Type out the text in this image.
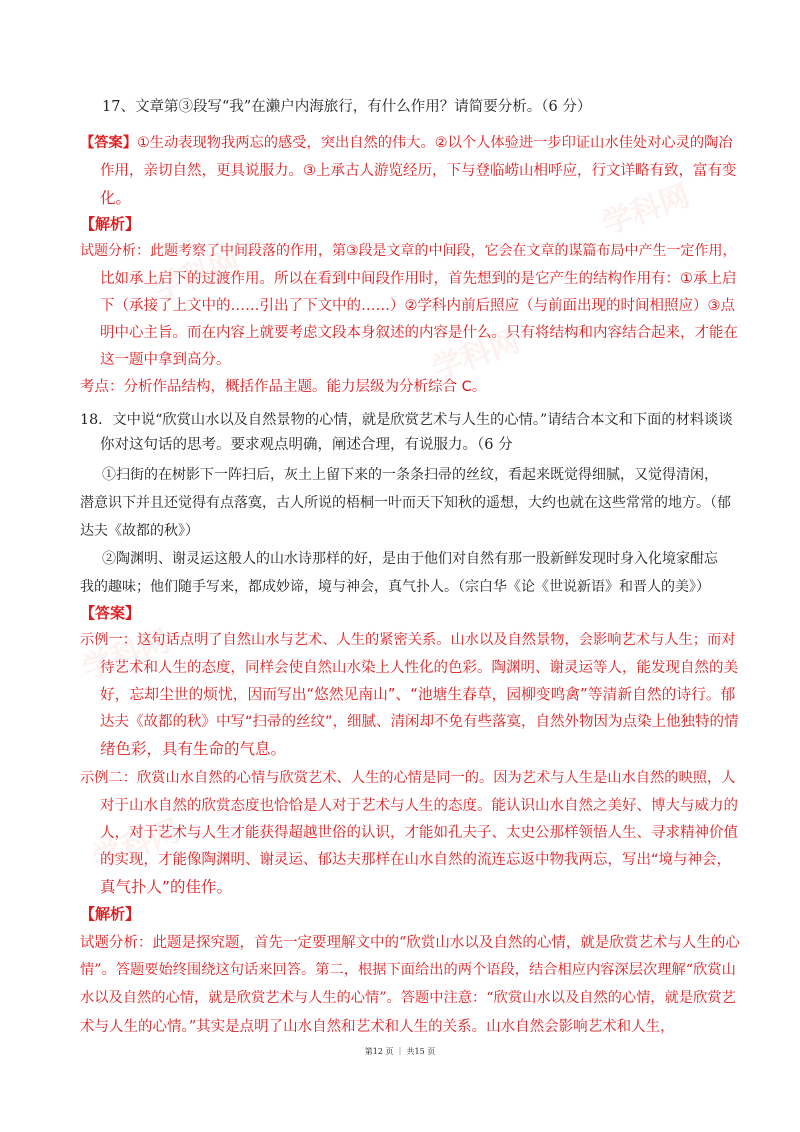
学科网
学科网
学科网
学科网
学科网
17、文章第③段写“我”在濑户内海旅行，有什么作用？请简要分析。（6 分）
【答案】①生动表现物我两忘的感受，突出自然的伟大。②以个人体验进一步印证山水佳处对心灵的陶冶
作用，亲切自然，更具说服力。③上承古人游览经历，下与登临崂山相呼应，行文详略有致，富有变
化。
【解析】
试题分析：此题考察了中间段落的作用，第③段是文章的中间段，它会在文章的谋篇布局中产生一定作用，
比如承上启下的过渡作用。所以在看到中间段作用时，首先想到的是它产生的结构作用有：①承上启
下（承接了上文中的……引出了下文中的……）②学科内前后照应（与前面出现的时间相照应）③点
明中心主旨。而在内容上就要考虑文段本身叙述的内容是什么。只有将结构和内容结合起来，才能在
这一题中拿到高分。
考点：分析作品结构，概括作品主题。能力层级为分析综合 C。
18．文中说“欣赏山水以及自然景物的心情，就是欣赏艺术与人生的心情。”请结合本文和下面的材料谈谈
你对这句话的思考。要求观点明确，阐述合理，有说服力。（6 分
①扫街的在树影下一阵扫后，灰土上留下来的一条条扫帚的丝纹，看起来既觉得细腻，又觉得清闲，
潜意识下并且还觉得有点落寞，古人所说的梧桐一叶而天下知秋的遥想，大约也就在这些常常的地方。（郁
达夫《故都的秋》）
②陶渊明、谢灵运这般人的山水诗那样的好，是由于他们对自然有那一股新鲜发现时身入化境家酣忘
我的趣味；他们随手写来，都成妙谛，境与神会，真气扑人。（宗白华《论《世说新语》和晋人的美》）
【答案】
示例一：这句话点明了自然山水与艺术、人生的紧密关系。山水以及自然景物，会影响艺术与人生；而对
待艺术和人生的态度，同样会使自然山水染上人性化的色彩。陶渊明、谢灵运等人，能发现自然的美
好，忘却尘世的烦忧，因而写出“悠然见南山”、“池塘生春草，园柳变鸣禽”等清新自然的诗行。郁
达夫《故都的秋》中写“扫帚的丝纹”，细腻、清闲却不免有些落寞，自然外物因为点染上他独特的情
绪色彩，具有生命的气息。
示例二：欣赏山水自然的心情与欣赏艺术、人生的心情是同一的。因为艺术与人生是山水自然的映照，人
对于山水自然的欣赏态度也恰恰是人对于艺术与人生的态度。能认识山水自然之美好、博大与威力的
人，对于艺术与人生才能获得超越世俗的认识，才能如孔夫子、太史公那样领悟人生、寻求精神价值
的实现，才能像陶渊明、谢灵运、郁达夫那样在山水自然的流连忘返中物我两忘，写出“境与神会，
真气扑人”的佳作。
【解析】
试题分析：此题是探究题，首先一定要理解文中的“欣赏山水以及自然的心情，就是欣赏艺术与人生的心
情”。答题要始终围绕这句话来回答。第二，根据下面给出的两个语段，结合相应内容深层次理解“欣赏山
水以及自然的心情，就是欣赏艺术与人生的心情”。答题中注意：“欣赏山水以及自然的心情，就是欣赏艺
术与人生的心情。”其实是点明了山水自然和艺术和人生的关系。山水自然会影响艺术和人生，
第12 页 ｜ 共15 页
